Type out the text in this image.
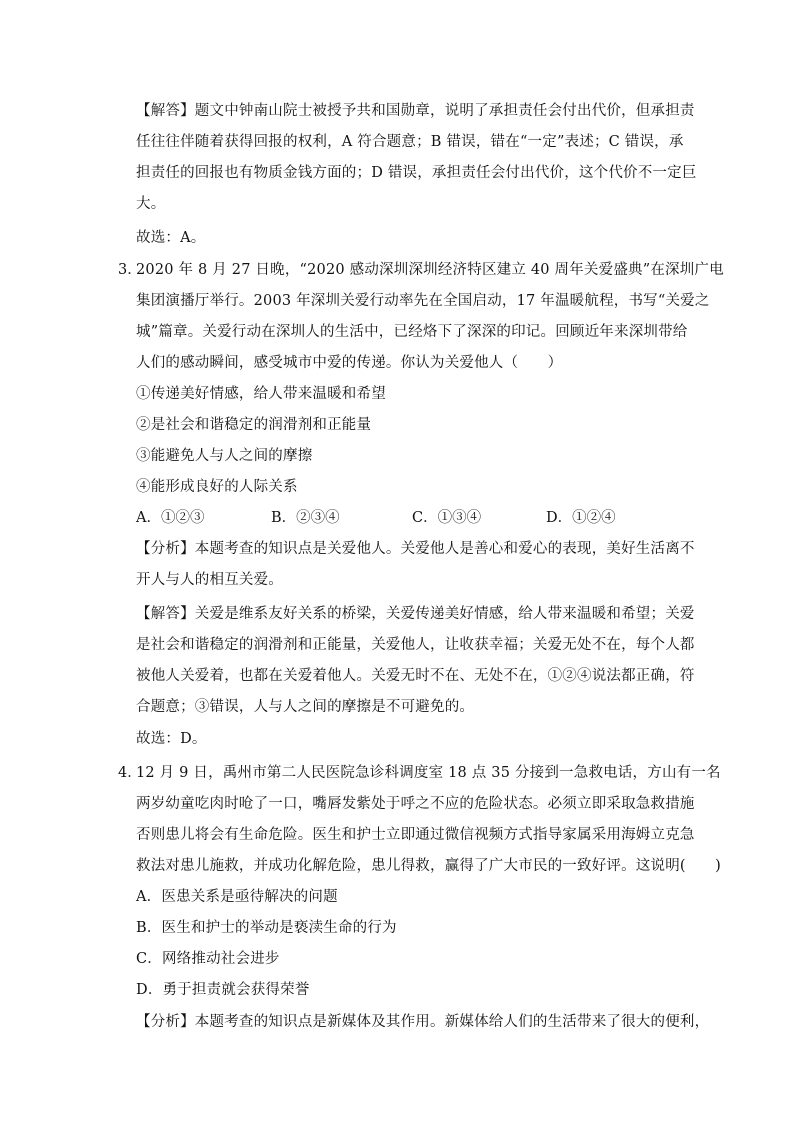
【解答】题文中钟南山院士被授予共和国勋章，说明了承担责任会付出代价，但承担责
任往往伴随着获得回报的权利，A 符合题意；B 错误，错在“一定”表述；C 错误，承
担责任的回报也有物质金钱方面的；D 错误，承担责任会付出代价，这个代价不一定巨
大。
故选：A。
3．
2020 年 8 月 27 日晚，“2020 感动深圳深圳经济特区建立 40 周年关爱盛典”在深圳广电
集团演播厅举行。2003 年深圳关爱行动率先在全国启动，17 年温暖航程，书写“关爱之
城”篇章。关爱行动在深圳人的生活中，已经烙下了深深的印记。回顾近年来深圳带给
人们的感动瞬间，感受城市中爱的传递。你认为关爱他人（　　）
①传递美好情感，给人带来温暖和希望
②是社会和谐稳定的润滑剂和正能量
③能避免人与人之间的摩擦
④能形成良好的人际关系
A．①②③	B．②③④	C．①③④	D．①②④
【分析】本题考查的知识点是关爱他人。关爱他人是善心和爱心的表现，美好生活离不
开人与人的相互关爱。
【解答】关爱是维系友好关系的桥梁，关爱传递美好情感，给人带来温暖和希望；关爱
是社会和谐稳定的润滑剂和正能量，关爱他人，让收获幸福；关爱无处不在，每个人都
被他人关爱着，也都在关爱着他人。关爱无时不在、无处不在，①②④说法都正确，符
合题意；③错误，人与人之间的摩擦是不可避免的。
故选：D。
4．
12 月 9 日，禹州市第二人民医院急诊科调度室 18 点 35 分接到一急救电话，方山有一名
两岁幼童吃肉时呛了一口，嘴唇发紫处于呼之不应的危险状态。必须立即采取急救措施
否则患儿将会有生命危险。医生和护士立即通过微信视频方式指导家属采用海姆立克急
救法对患儿施救，并成功化解危险，患儿得救，赢得了广大市民的一致好评。这说明(　　)
A．医患关系是亟待解决的问题
B．医生和护士的举动是亵渎生命的行为
C．网络推动社会进步
D．勇于担责就会获得荣誉
【分析】本题考查的知识点是新媒体及其作用。新媒体给人们的生活带来了很大的便利，
